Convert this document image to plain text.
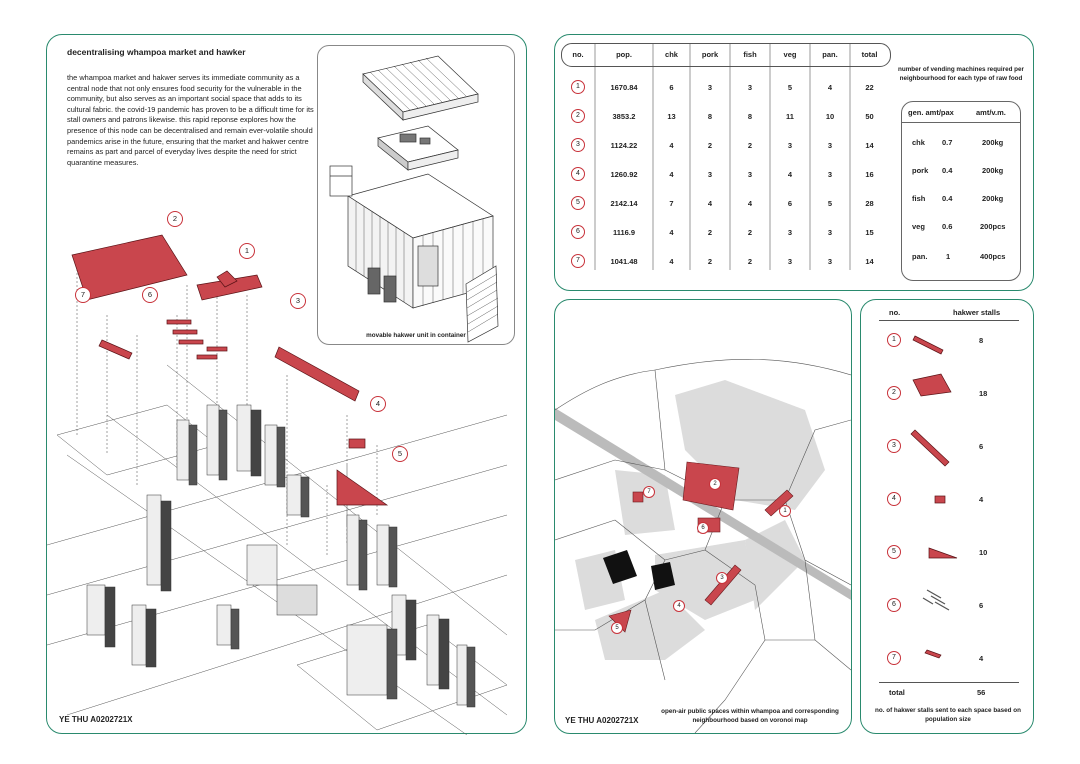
decentralising whampoa market and hawker
the whampoa market and hakwer serves its immediate community as a central node that not only ensures food security for the vulnerable in the community, but also serves as an important social space that adds to its cultural fabric. the covid-19 pandemic has proven to be a difficult time for its stall owners and patrons likewise. this rapid reponse explores how the presence of this node can be decentralised and remain ever-volatile should pandemics arise in the future, ensuring that the market and hakwer centre remains as part and parcel of everyday lives despite the need for strict quarantine measures.
movable hakwer unit in container
2
1
3
4
5
6
7
YE THU A0202721X
no.	pop.	chk	pork	fish	veg	pan.	total
1	1670.84	6	3	3	5	4	22
2	3853.2	13	8	8	11	10	50
3	1124.22	4	2	2	3	3	14
4	1260.92	4	3	3	4	3	16
5	2142.14	7	4	4	6	5	28
6	1116.9	4	2	2	3	3	15
7	1041.48	4	2	2	3	3	14
number of vending machines required per neighbourhood for each type of raw food
gen. amt/pax	amt/v.m.
chk 0.7	200kg
pork 0.4	200kg
fish 0.4	200kg
veg 0.6	200pcs
pan. 1	400pcs
2
1
3
4
5
6
7
open-air public spaces within whampoa and corresponding neighbourhood based on voronoi map
YE THU A0202721X
no.	hakwer stalls
1	8
2	18
3	6
4	4
5	10
6	6
7	4
total	56
no. of hakwer stalls sent to each space based on population size
